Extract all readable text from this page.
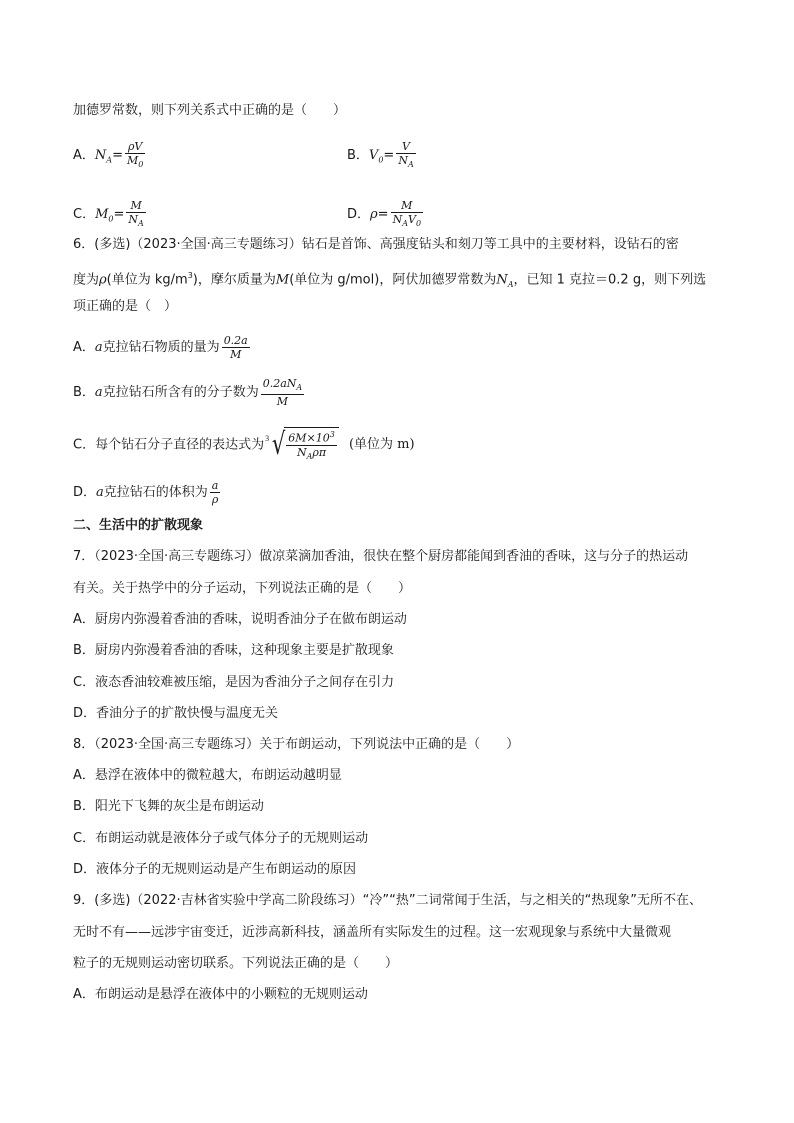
加德罗常数，则下列关系式中正确的是（　　）
A．$N_A= \frac{\rho V}{M_0}$	B．$V_0= \frac{V}{N_A}$
C．$M_0= \frac{M}{N_A}$	D．$\rho= \frac{M}{N_AV_0}$
6．(多选)（2023·全国·高三专题练习）钻石是首饰、高强度钻头和刻刀等工具中的主要材料，设钻石的密
度为ρ(单位为 $kg/m^3$)，摩尔质量为M(单位为 g/mol)，阿伏加德罗常数为$N_A$，已知 1 克拉＝0.2 g，则下列选
项正确的是（　）
A．a克拉钻石物质的量为 $\frac{0.2a}{M}$
B．a克拉钻石所含有的分子数为 $\frac{0.2aN_A}{M}$
C．每个钻石分子直径的表达式为 3 √ $\frac{6M\times 10^3}{N_A\rho\pi}$ (单位为 m)
D．a克拉钻石的体积为 $\frac{a}{\rho}$
二、生活中的扩散现象
7．（2023·全国·高三专题练习）做凉菜滴加香油，很快在整个厨房都能闻到香油的香味，这与分子的热运动
有关。关于热学中的分子运动，下列说法正确的是（　　）
A．厨房内弥漫着香油的香味，说明香油分子在做布朗运动
B．厨房内弥漫着香油的香味，这种现象主要是扩散现象
C．液态香油较难被压缩，是因为香油分子之间存在引力
D．香油分子的扩散快慢与温度无关
8．（2023·全国·高三专题练习）关于布朗运动，下列说法中正确的是（　　）
A．悬浮在液体中的微粒越大，布朗运动越明显
B．阳光下飞舞的灰尘是布朗运动
C．布朗运动就是液体分子或气体分子的无规则运动
D．液体分子的无规则运动是产生布朗运动的原因
9．(多选)（2022·吉林省实验中学高二阶段练习）“冷”“热”二词常闻于生活，与之相关的“热现象”无所不在、
无时不有——远涉宇宙变迁，近涉高新科技，涵盖所有实际发生的过程。这一宏观现象与系统中大量微观
粒子的无规则运动密切联系。下列说法正确的是（　　）
A．布朗运动是悬浮在液体中的小颗粒的无规则运动
